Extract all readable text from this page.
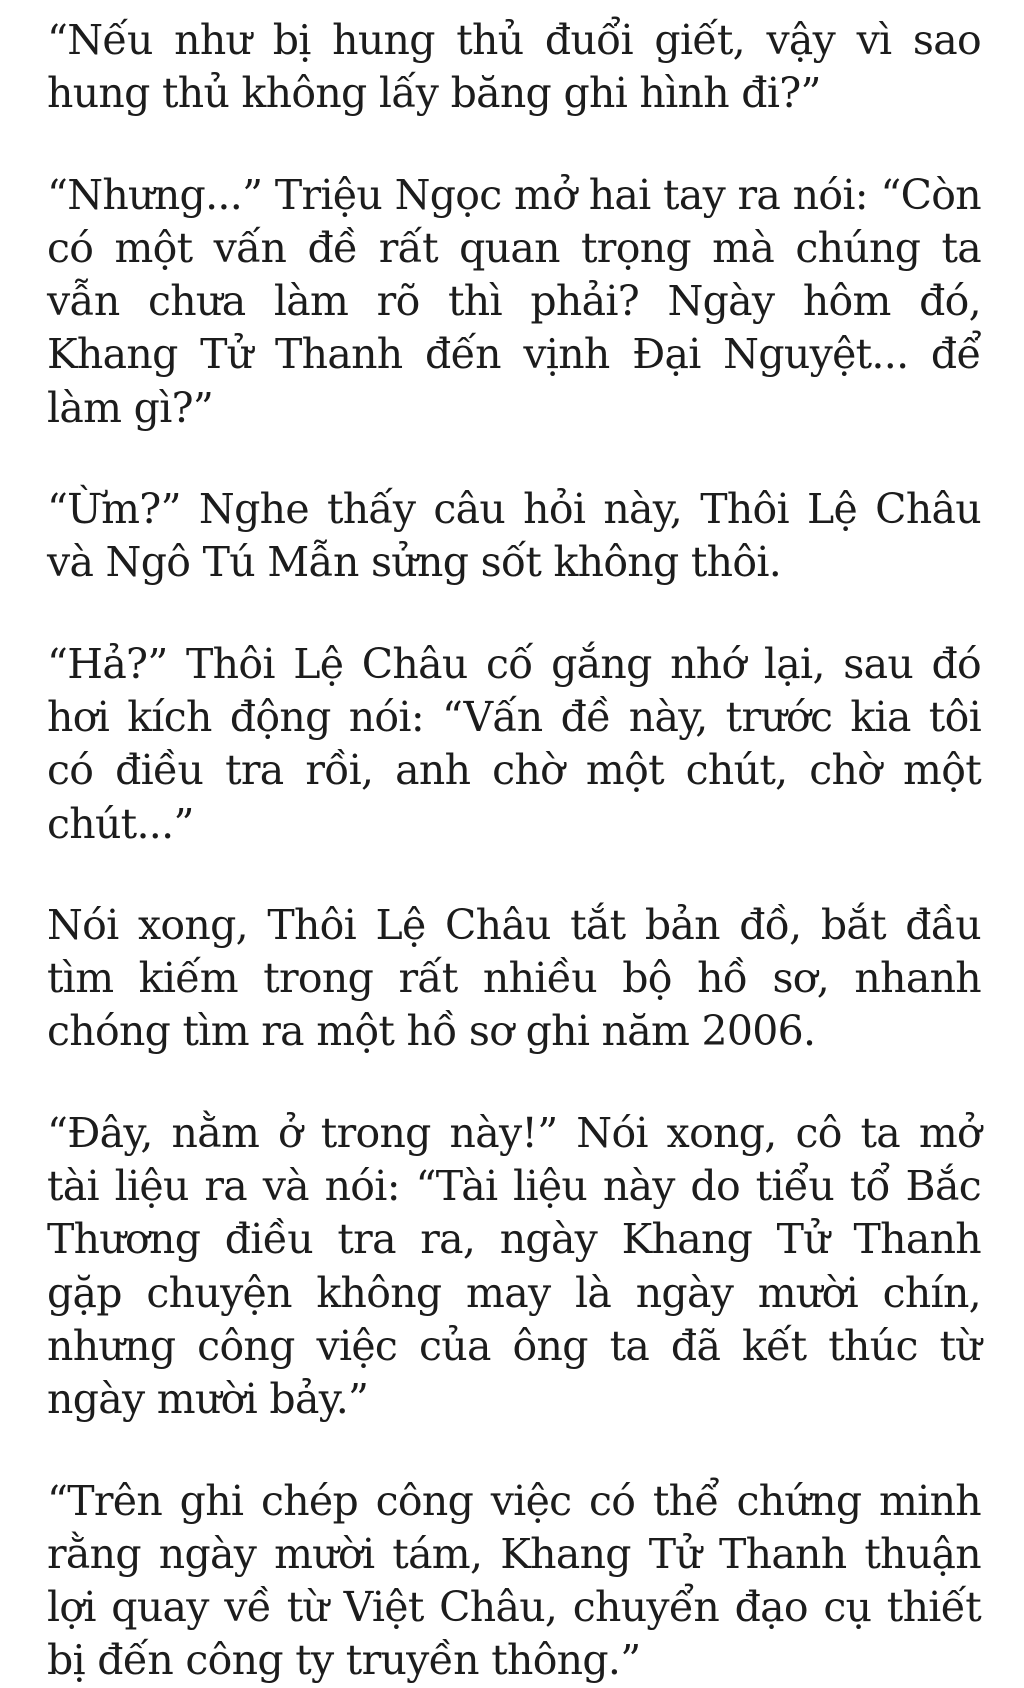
“Nếu như bị hung thủ đuổi giết, vậy vì sao hung thủ không lấy băng ghi hình đi?”

“Nhưng...” Triệu Ngọc mở hai tay ra nói: “Còn có một vấn đề rất quan trọng mà chúng ta vẫn chưa làm rõ thì phải? Ngày hôm đó, Khang Tử Thanh đến vịnh Đại Nguyệt... để làm gì?”

“Ừm?” Nghe thấy câu hỏi này, Thôi Lệ Châu và Ngô Tú Mẫn sửng sốt không thôi.

“Hả?” Thôi Lệ Châu cố gắng nhớ lại, sau đó hơi kích động nói: “Vấn đề này, trước kia tôi có điều tra rồi, anh chờ một chút, chờ một chút...”

Nói xong, Thôi Lệ Châu tắt bản đồ, bắt đầu tìm kiếm trong rất nhiều bộ hồ sơ, nhanh chóng tìm ra một hồ sơ ghi năm 2006.

“Đây, nằm ở trong này!” Nói xong, cô ta mở tài liệu ra và nói: “Tài liệu này do tiểu tổ Bắc Thương điều tra ra, ngày Khang Tử Thanh gặp chuyện không may là ngày mười chín, nhưng công việc của ông ta đã kết thúc từ ngày mười bảy.”

“Trên ghi chép công việc có thể chứng minh rằng ngày mười tám, Khang Tử Thanh thuận lợi quay về từ Việt Châu, chuyển đạo cụ thiết bị đến công ty truyền thông.”
